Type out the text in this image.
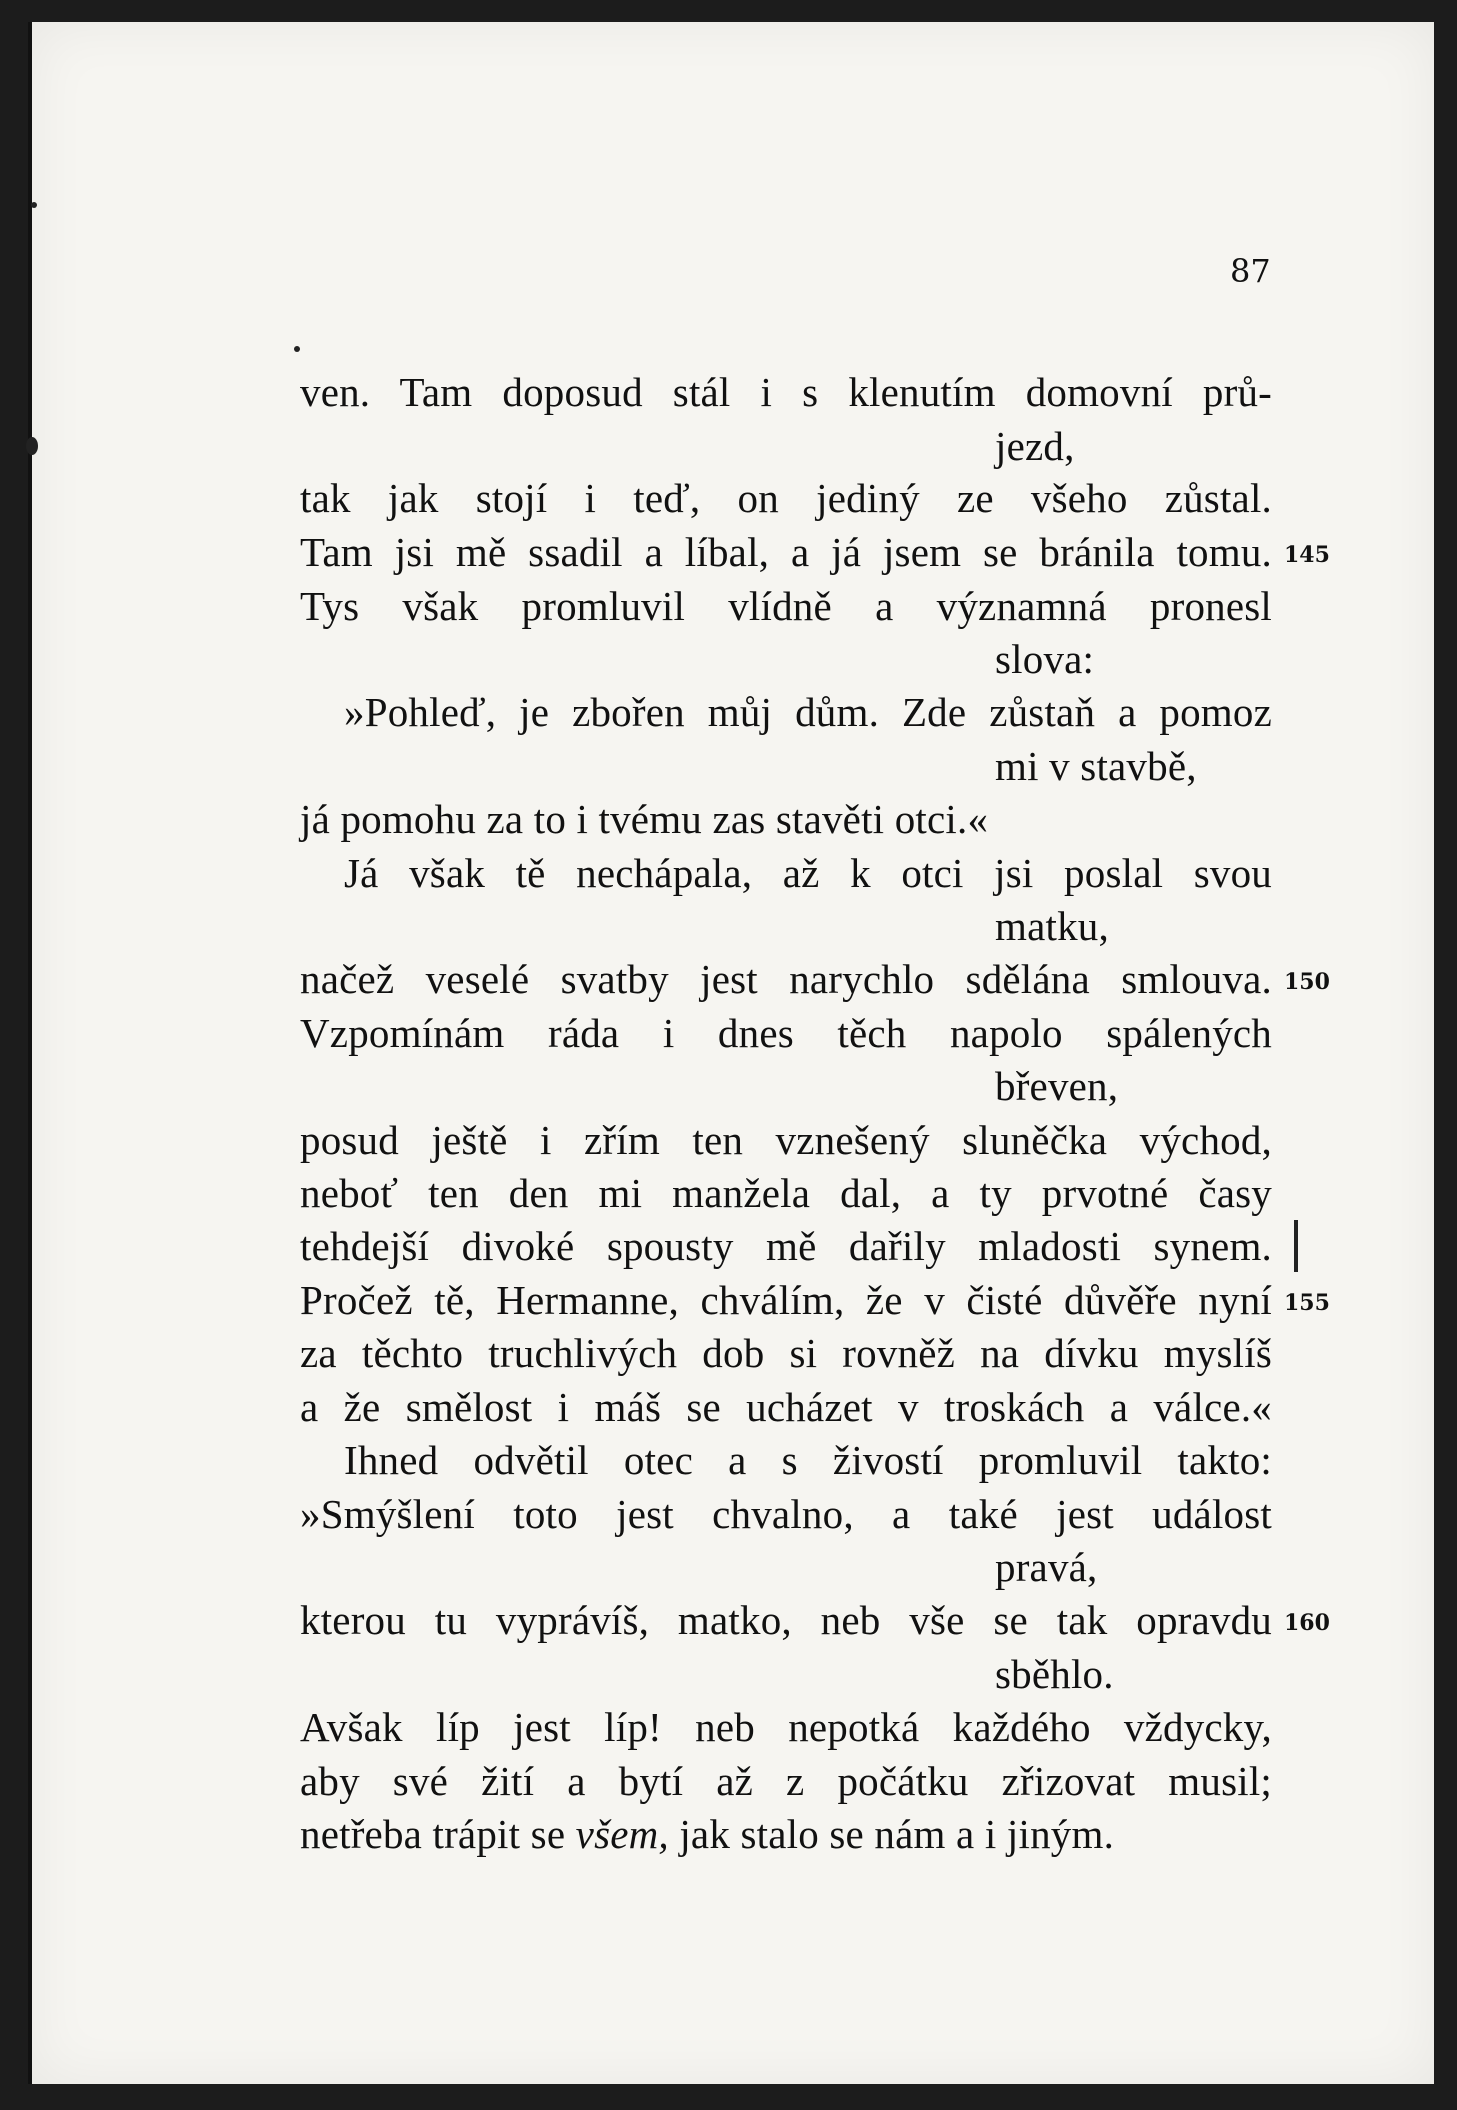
87
ven. Tam doposud stál i s klenutím domovní prů-
jezd,
tak jak stojí i teď, on jediný ze všeho zůstal.
Tam jsi mě ssadil a líbal, a já jsem se bránila tomu. 145
Tys však promluvil vlídně a významná pronesl
slova:
»Pohleď, je zbořen můj dům. Zde zůstaň a pomoz
mi v stavbě,
já pomohu za to i tvému zas stavěti otci.«
Já však tě nechápala, až k otci jsi poslal svou
matku,
načež veselé svatby jest narychlo sdělána smlouva. 150
Vzpomínám ráda i dnes těch napolo spálených
břeven,
posud ještě i zřím ten vznešený sluněčka východ,
neboť ten den mi manžela dal, a ty prvotné časy
tehdejší divoké spousty mě dařily mladosti synem.
Pročež tě, Hermanne, chválím, že v čisté důvěře nyní 155
za těchto truchlivých dob si rovněž na dívku myslíš
a že smělost i máš se ucházet v troskách a válce.«
Ihned odvětil otec a s živostí promluvil takto:
»Smýšlení toto jest chvalno, a také jest událost
pravá,
kterou tu vyprávíš, matko, neb vše se tak opravdu 160
sběhlo.
Avšak líp jest líp! neb nepotká každého vždycky,
aby své žití a bytí až z počátku zřizovat musil;
netřeba trápit se všem, jak stalo se nám a i jiným.
